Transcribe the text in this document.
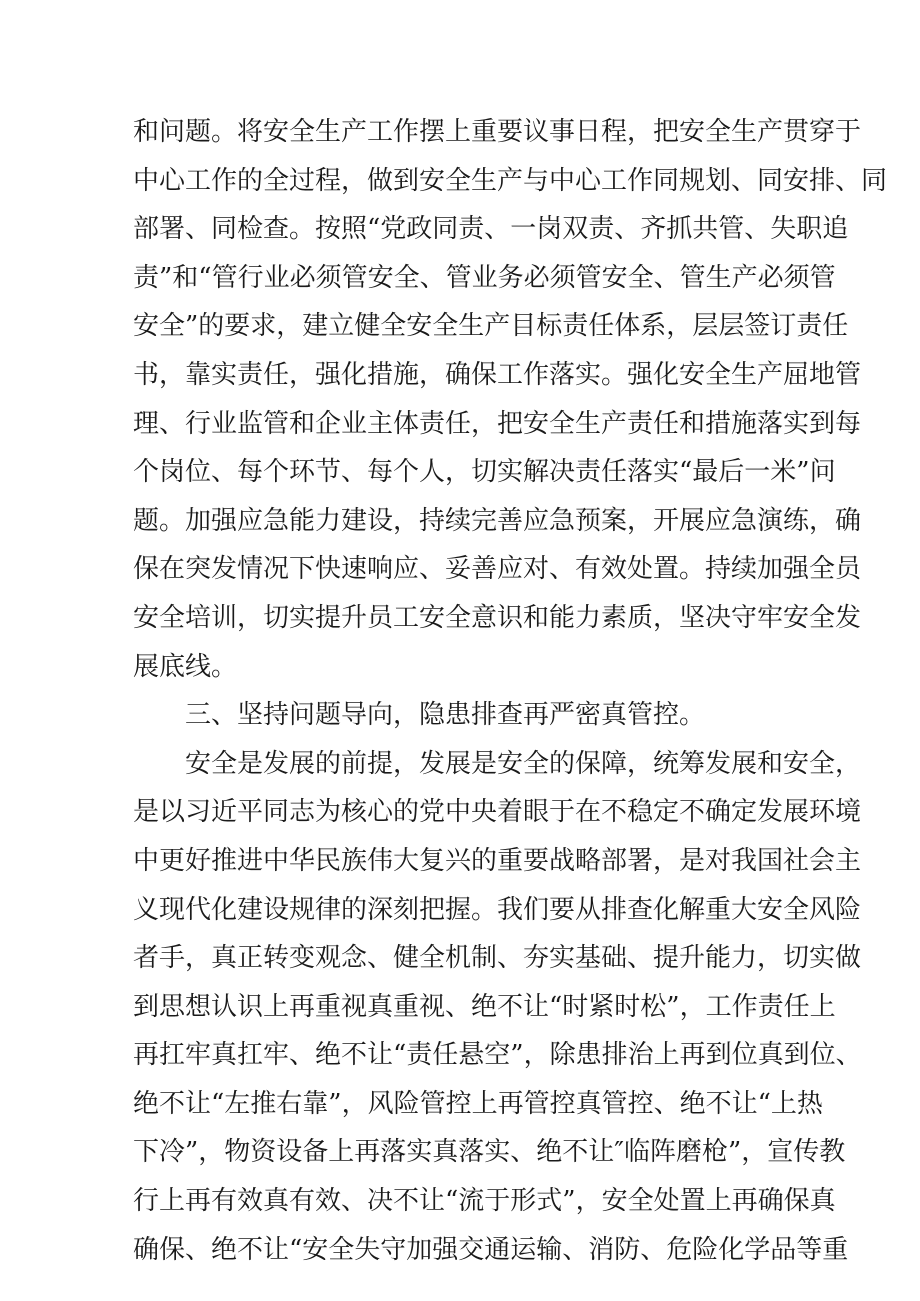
和问题。将安全生产工作摆上重要议事日程，把安全生产贯穿于
中心工作的全过程，做到安全生产与中心工作同规划、同安排、同
部署、同检查。按照“党政同责、一岗双责、齐抓共管、失职追
责”和“管行业必须管安全、管业务必须管安全、管生产必须管
安全”的要求，建立健全安全生产目标责任体系，层层签订责任
书，靠实责任，强化措施，确保工作落实。强化安全生产屈地管
理、行业监管和企业主体责任，把安全生产责任和措施落实到每
个岗位、每个环节、每个人，切实解决责任落实“最后一米”问
题。加强应急能力建设，持续完善应急预案，开展应急演练，确
保在突发情况下快速响应、妥善应对、有效处置。持续加强全员
安全培训，切实提升员工安全意识和能力素质，坚决守牢安全发
展底线。
三、坚持问题导向，隐患排查再严密真管控。
安全是发展的前提，发展是安全的保障，统筹发展和安全，
是以习近平同志为核心的党中央着眼于在不稳定不确定发展环境
中更好推进中华民族伟大复兴的重要战略部署，是对我国社会主
义现代化建设规律的深刻把握。我们要从排查化解重大安全风险
者手，真正转变观念、健全机制、夯实基础、提升能力，切实做
到思想认识上再重视真重视、绝不让“时紧时松”，工作责任上
再扛牢真扛牢、绝不让“责任悬空”，除患排治上再到位真到位、
绝不让“左推右靠”，风险管控上再管控真管控、绝不让“上热
下冷”，物资设备上再落实真落实、绝不让″临阵磨枪”，宣传教
行上再有效真有效、决不让“流于形式”，安全处置上再确保真
确保、绝不让“安全失守加强交通运输、消防、危险化学品等重
